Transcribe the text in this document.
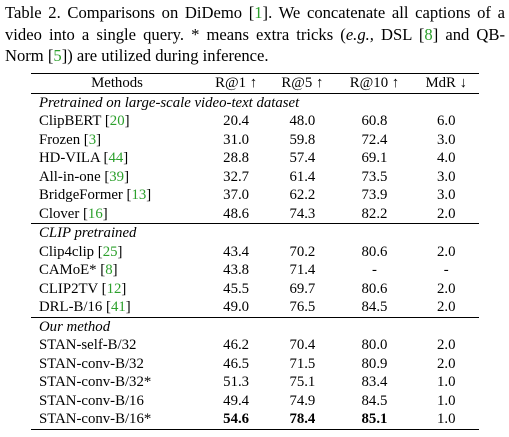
Table 2. Comparisons on DiDemo [1]. We concatenate all captions of a video into a single query. * means extra tricks (e.g., DSL [8] and QB-Norm [5]) are utilized during inference.
Methods	R@1 ↑	R@5 ↑	R@10 ↑	MdR ↓
Pretrained on large-scale video-text dataset				
ClipBERT [20]	20.4	48.0	60.8	6.0
Frozen [3]	31.0	59.8	72.4	3.0
HD-VILA [44]	28.8	57.4	69.1	4.0
All-in-one [39]	32.7	61.4	73.5	3.0
BridgeFormer [13]	37.0	62.2	73.9	3.0
Clover [16]	48.6	74.3	82.2	2.0
CLIP pretrained				
Clip4clip [25]	43.4	70.2	80.6	2.0
CAMoE* [8]	43.8	71.4	-	-
CLIP2TV [12]	45.5	69.7	80.6	2.0
DRL-B/16 [41]	49.0	76.5	84.5	2.0
Our method				
STAN-self-B/32	46.2	70.4	80.0	2.0
STAN-conv-B/32	46.5	71.5	80.9	2.0
STAN-conv-B/32*	51.3	75.1	83.4	1.0
STAN-conv-B/16	49.4	74.9	84.5	1.0
STAN-conv-B/16*	54.6	78.4	85.1	1.0
